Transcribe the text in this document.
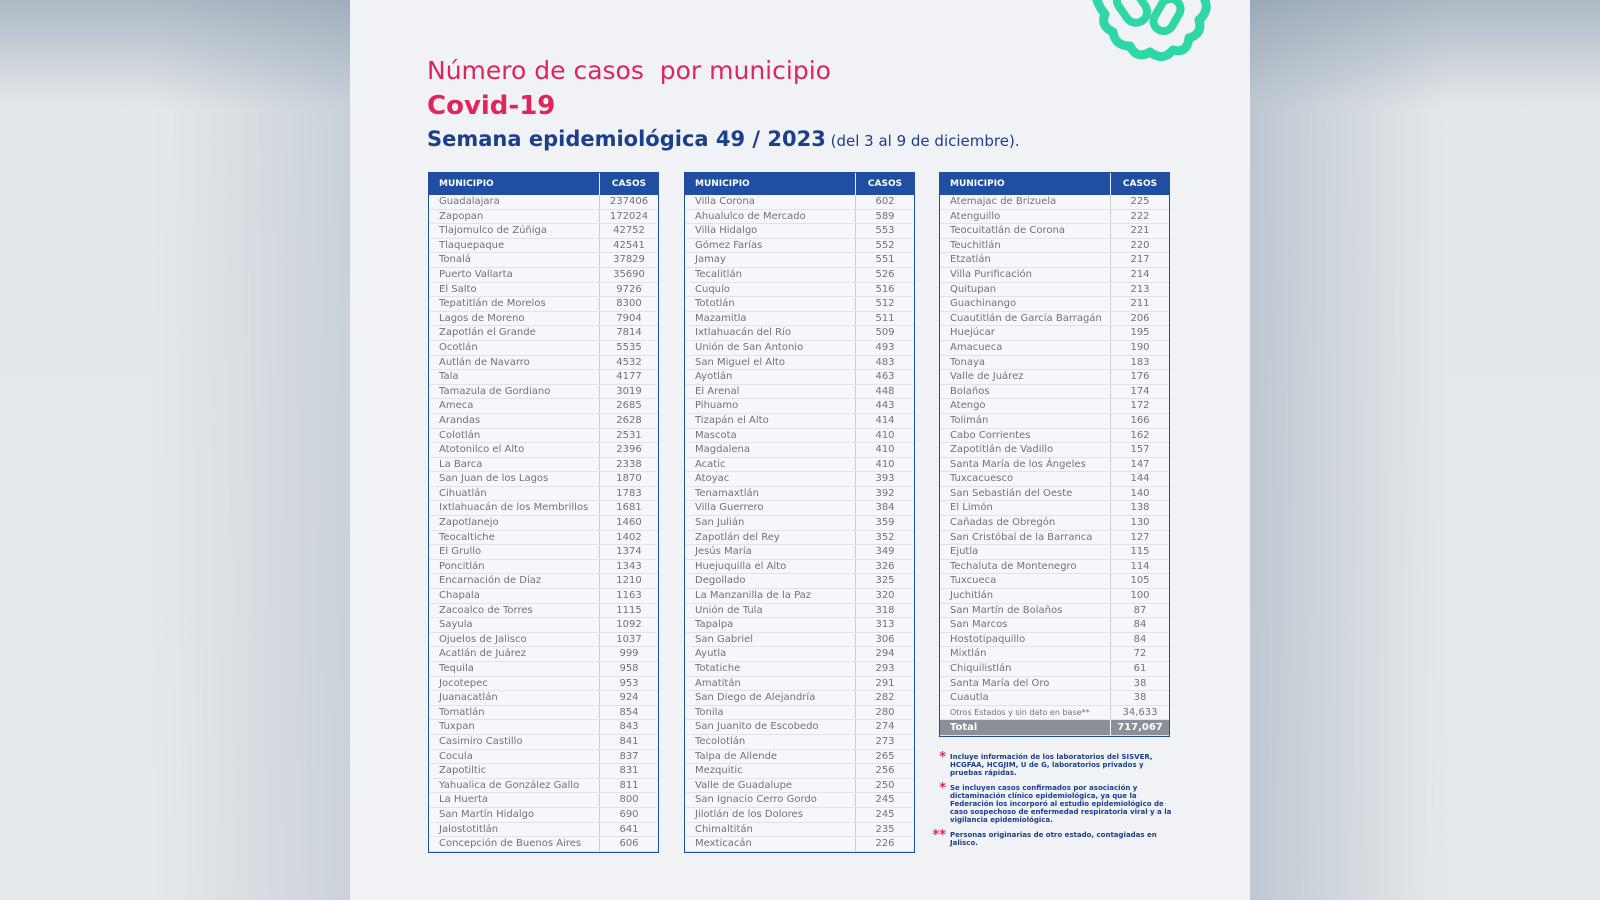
Número de casos  por municipio
Covid-19
Semana epidemiológica 49 / 2023 (del 3 al 9 de diciembre).
MUNICIPIO	CASOS
Guadalajara	237406
Zapopan	172024
Tlajomulco de Zúñiga	42752
Tlaquepaque	42541
Tonalá	37829
Puerto Vallarta	35690
El Salto	9726
Tepatitlán de Morelos	8300
Lagos de Moreno	7904
Zapotlán el Grande	7814
Ocotlán	5535
Autlán de Navarro	4532
Tala	4177
Tamazula de Gordiano	3019
Ameca	2685
Arandas	2628
Colotlán	2531
Atotonilco el Alto	2396
La Barca	2338
San Juan de los Lagos	1870
Cihuatlán	1783
Ixtlahuacán de los Membrillos	1681
Zapotlanejo	1460
Teocaltiche	1402
El Grullo	1374
Poncitlán	1343
Encarnación de Díaz	1210
Chapala	1163
Zacoalco de Torres	1115
Sayula	1092
Ojuelos de Jalisco	1037
Acatlán de Juárez	999
Tequila	958
Jocotepec	953
Juanacatlán	924
Tomatlán	854
Tuxpan	843
Casimiro Castillo	841
Cocula	837
Zapotiltic	831
Yahualica de González Gallo	811
La Huerta	800
San Martín Hidalgo	690
Jalostotitlán	641
Concepción de Buenos Aires	606
MUNICIPIO	CASOS
Villa Corona	602
Ahualulco de Mercado	589
Villa Hidalgo	553
Gómez Farías	552
Jamay	551
Tecalitlán	526
Cuquío	516
Tototlán	512
Mazamitla	511
Ixtlahuacán del Río	509
Unión de San Antonio	493
San Miguel el Alto	483
Ayotlán	463
El Arenal	448
Pihuamo	443
Tizapán el Alto	414
Mascota	410
Magdalena	410
Acatic	410
Atoyac	393
Tenamaxtlán	392
Villa Guerrero	384
San Julián	359
Zapotlán del Rey	352
Jesús María	349
Huejuquilla el Alto	326
Degollado	325
La Manzanilla de la Paz	320
Unión de Tula	318
Tapalpa	313
San Gabriel	306
Ayutla	294
Totatiche	293
Amatitán	291
San Diego de Alejandría	282
Tonila	280
San Juanito de Escobedo	274
Tecolotlán	273
Talpa de Allende	265
Mezquitic	256
Valle de Guadalupe	250
San Ignacio Cerro Gordo	245
Jilotlán de los Dolores	245
Chimaltitán	235
Mexticacán	226
MUNICIPIO	CASOS
Atemajac de Brizuela	225
Atenguillo	222
Teocuitatlán de Corona	221
Teuchitlán	220
Etzatlán	217
Villa Purificación	214
Quitupan	213
Guachinango	211
Cuautitlán de García Barragán	206
Huejúcar	195
Amacueca	190
Tonaya	183
Valle de Juárez	176
Bolaños	174
Atengo	172
Tolimán	166
Cabo Corrientes	162
Zapotitlán de Vadillo	157
Santa María de los Ángeles	147
Tuxcacuesco	144
San Sebastián del Oeste	140
El Limón	138
Cañadas de Obregón	130
San Cristóbal de la Barranca	127
Ejutla	115
Techaluta de Montenegro	114
Tuxcueca	105
Juchitlán	100
San Martín de Bolaños	87
San Marcos	84
Hostotipaquillo	84
Mixtlán	72
Chiquilistlán	61
Santa María del Oro	38
Cuautla	38
Otros Estados y sin dato en base**	34,633
Total	717,067
* Incluye información de los laboratorios del SISVER, HCGFAA, HCGJIM, U de G, laboratorios privados y pruebas rápidas.
* Se incluyen casos confirmados por asociación y dictaminación clínico epidemiológica, ya que la Federación los incorporó al estudio epidemiológico de caso sospechoso de enfermedad respiratoria viral y a la vigilancia epidemiológica.
** Personas originarias de otro estado, contagiadas en Jalisco.
